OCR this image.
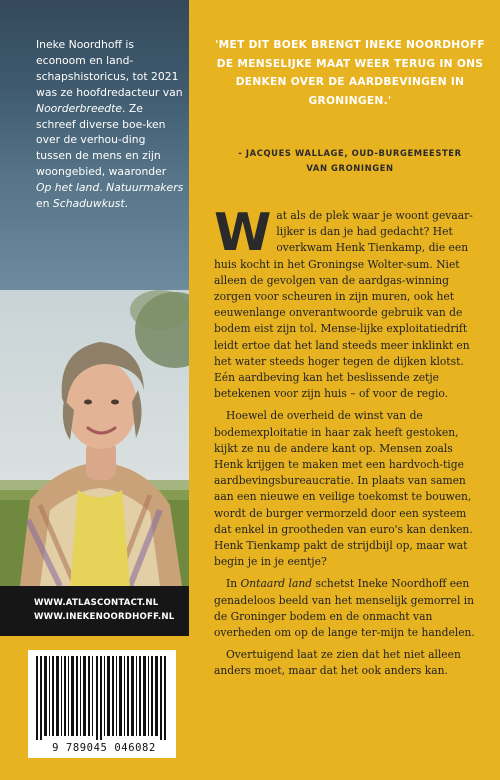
Ineke Noordhoff is econoom en land-schapshistoricus, tot 2021 was ze hoofdredacteur van Noorderbreedte. Ze schreef diverse boe-ken over de verhou-ding tussen de mens en zijn woongebied, waaronder Op het land. Natuurmakers en Schaduwkust.
WWW.ATLASCONTACT.NL
WWW.INEKENOORDHOFF.NL
9 789045 046082
'MET DIT BOEK BRENGT INEKE NOORDHOFF DE MENSELIJKE MAAT WEER TERUG IN ONS DENKEN OVER DE AARDBEVINGEN IN GRONINGEN.'
- JACQUES WALLAGE, OUD-BURGEMEESTER
VAN GRONINGEN

Wat als de plek waar je woont gevaar-lijker is dan je had gedacht? Het overkwam Henk Tienkamp, die een huis kocht in het Groningse Wolter-sum. Niet alleen de gevolgen van de aardgas-winning zorgen voor scheuren in zijn muren, ook het eeuwenlange onverantwoorde gebruik van de bodem eist zijn tol. Mense-lijke exploitatiedrift leidt ertoe dat het land steeds meer inklinkt en het water steeds hoger tegen de dijken klotst. Eén aardbeving kan het beslissende zetje betekenen voor zijn huis – of voor de regio.

Hoewel de overheid de winst van de bodemexploitatie in haar zak heeft gestoken, kijkt ze nu de andere kant op. Mensen zoals Henk krijgen te maken met een hardvoch-tige aardbevingsbureaucratie. In plaats van samen aan een nieuwe en veilige toekomst te bouwen, wordt de burger vermorzeld door een systeem dat enkel in grootheden van euro's kan denken. Henk Tienkamp pakt de strijdbijl op, maar wat begin je in je eentje?

In Ontaard land schetst Ineke Noordhoff een genadeloos beeld van het menselijk gemorrel in de Groninger bodem en de onmacht van overheden om op de lange ter-mijn te handelen.

Overtuigend laat ze zien dat het niet alleen anders moet, maar dat het ook anders kan.
